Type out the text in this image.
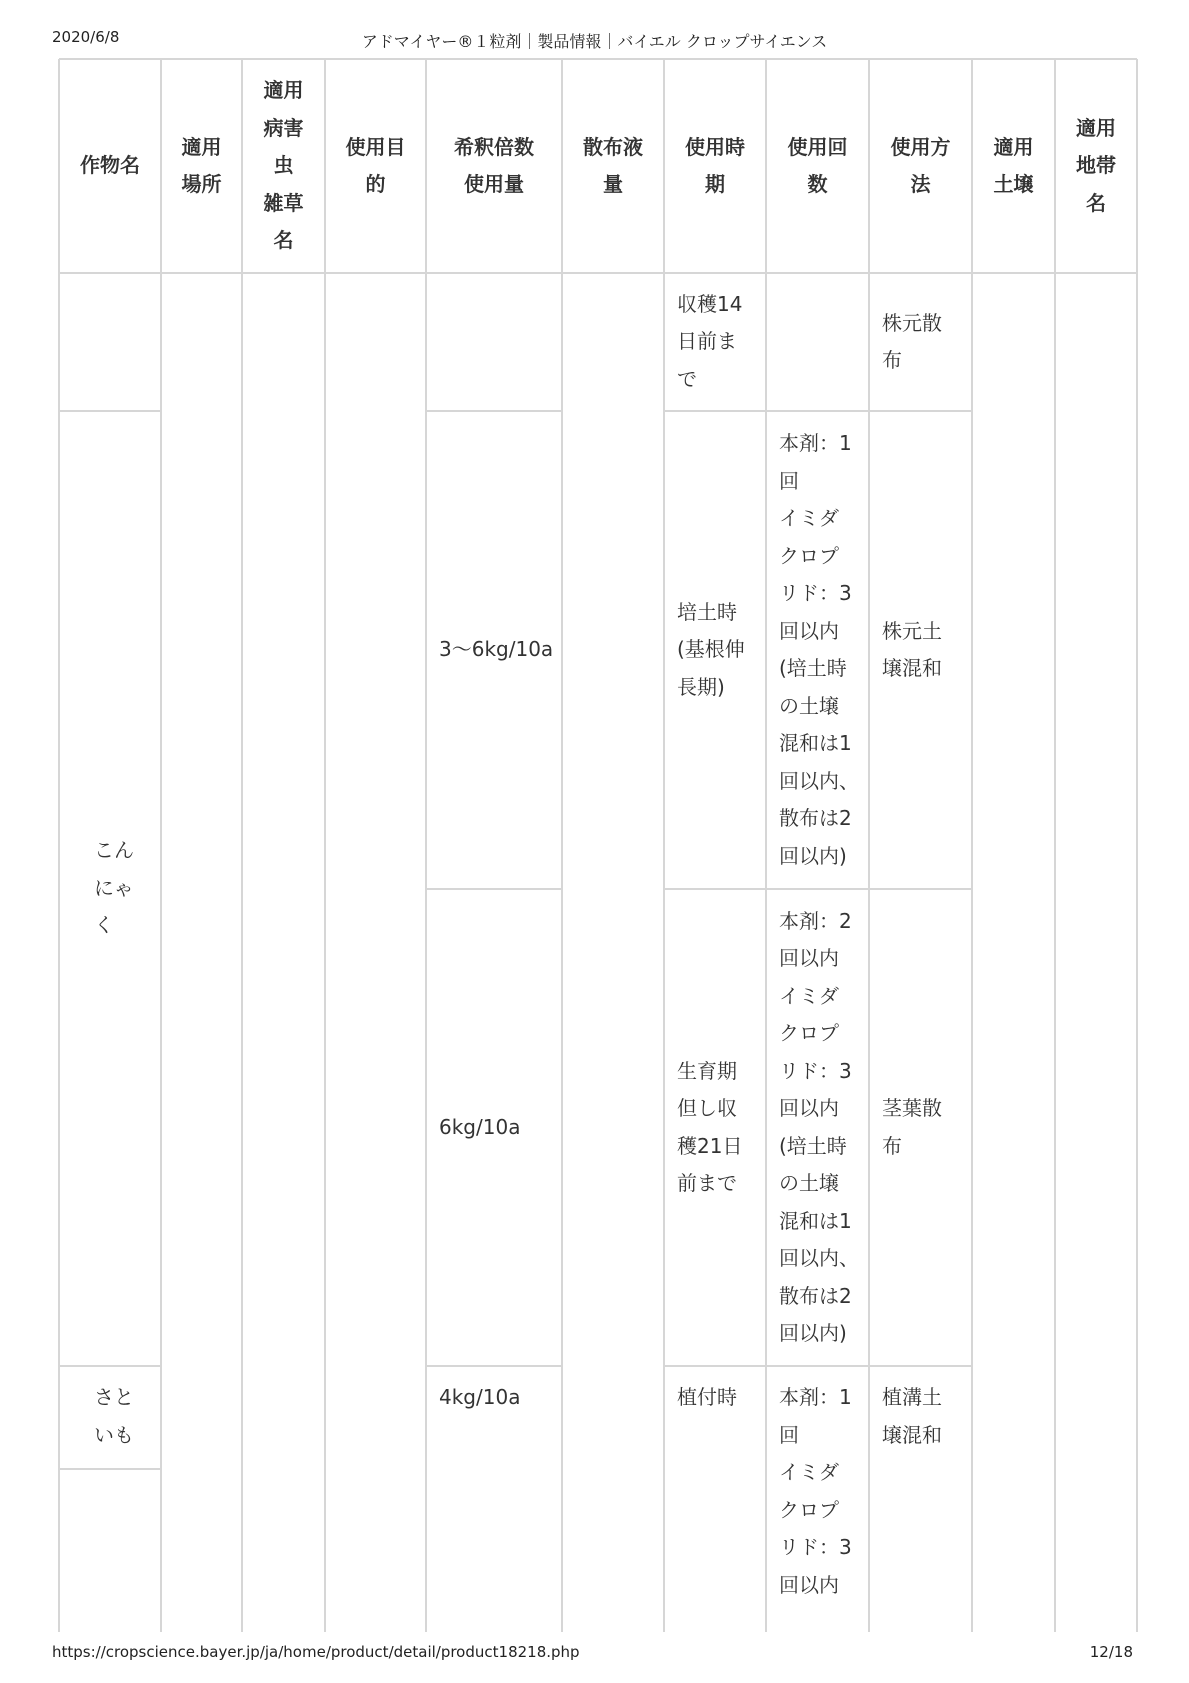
2020/6/8	アドマイヤー®１粒剤｜製品情報｜バイエル クロップサイエンス
作物名
適用
場所
適用
病害
虫
雑草
名
使用目
的
希釈倍数
使用量
散布液
量
使用時
期
使用回
数
使用方
法
適用
土壌
適用
地帯
名
収穫14
日前ま
で
株元散
布
培土時
(基根伸
長期)
本剤：1
回
イミダ
クロプ
リド：3
回以内
(培土時
の土壌
混和は1
回以内、
散布は2
回以内)
株元土
壌混和
3～6kg/10a
生育期
但し収
穫21日
前まで
本剤：2
回以内
イミダ
クロプ
リド：3
回以内
(培土時
の土壌
混和は1
回以内、
散布は2
回以内)
茎葉散
布
6kg/10a
植付時 本剤：1
回
イミダ
クロプ
リド：3
回以内
植溝土
壌混和
4kg/10a
こん
にゃ
く
さと
いも
https://cropscience.bayer.jp/ja/home/product/detail/product18218.php	12/18
